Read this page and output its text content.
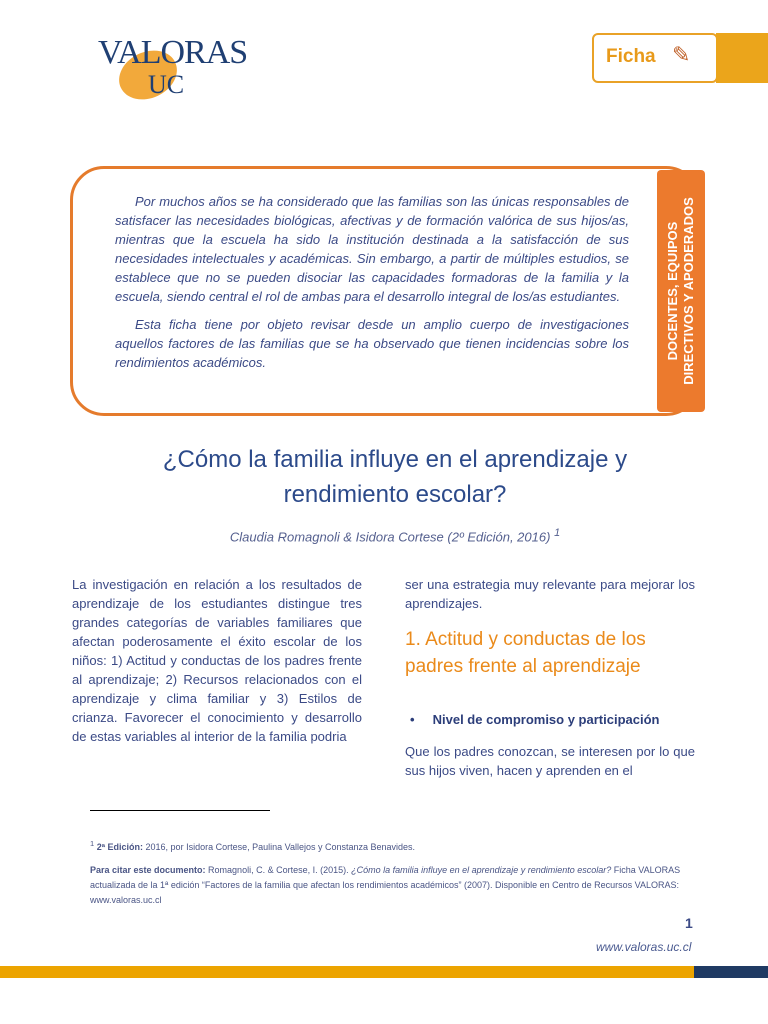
VALORAS
UC
Ficha ✎
DOCENTES, EQUIPOS DIRECTIVOS Y APODERADOS

Por muchos años se ha considerado que las familias son las únicas responsables de satisfacer las necesidades biológicas, afectivas y de formación valórica de sus hijos/as, mientras que la escuela ha sido la institución destinada a la satisfacción de sus necesidades intelectuales y académicas. Sin embargo, a partir de múltiples estudios, se establece que no se pueden disociar las capacidades formadoras de la familia y la escuela, siendo central el rol de ambas para el desarrollo integral de los/as estudiantes.

Esta ficha tiene por objeto revisar desde un amplio cuerpo de investigaciones aquellos factores de las familias que se ha observado que tienen incidencias sobre los rendimientos académicos.

¿Cómo la familia influye en el aprendizaje y
rendimiento escolar?
Claudia Romagnoli & Isidora Cortese (2º Edición, 2016) $^1$
La investigación en relación a los resultados de aprendizaje de los estudiantes distingue tres grandes categorías de variables familiares que afectan poderosamente el éxito escolar de los niños: 1) Actitud y conductas de los padres frente al aprendizaje; 2) Recursos relacionados con el aprendizaje y clima familiar y 3) Estilos de crianza. Favorecer el conocimiento y desarrollo de estas variables al interior de la familia podria
ser una estrategia muy relevante para mejorar los aprendizajes.
1. Actitud y conductas de los padres frente al aprendizaje
•     Nivel de compromiso y participación
Que los padres conozcan, se interesen por lo que sus hijos viven, hacen y aprenden en el
$^1$ 2ª Edición: 2016, por Isidora Cortese, Paulina Vallejos y Constanza Benavides.
Para citar este documento: Romagnoli, C. & Cortese, I. (2015). ¿Cómo la familia influye en el aprendizaje y rendimiento escolar? Ficha VALORAS actualizada de la 1ª edición “Factores de la familia que afectan los rendimientos académicos” (2007). Disponible en Centro de Recursos VALORAS: www.valoras.uc.cl
1
www.valoras.uc.cl
